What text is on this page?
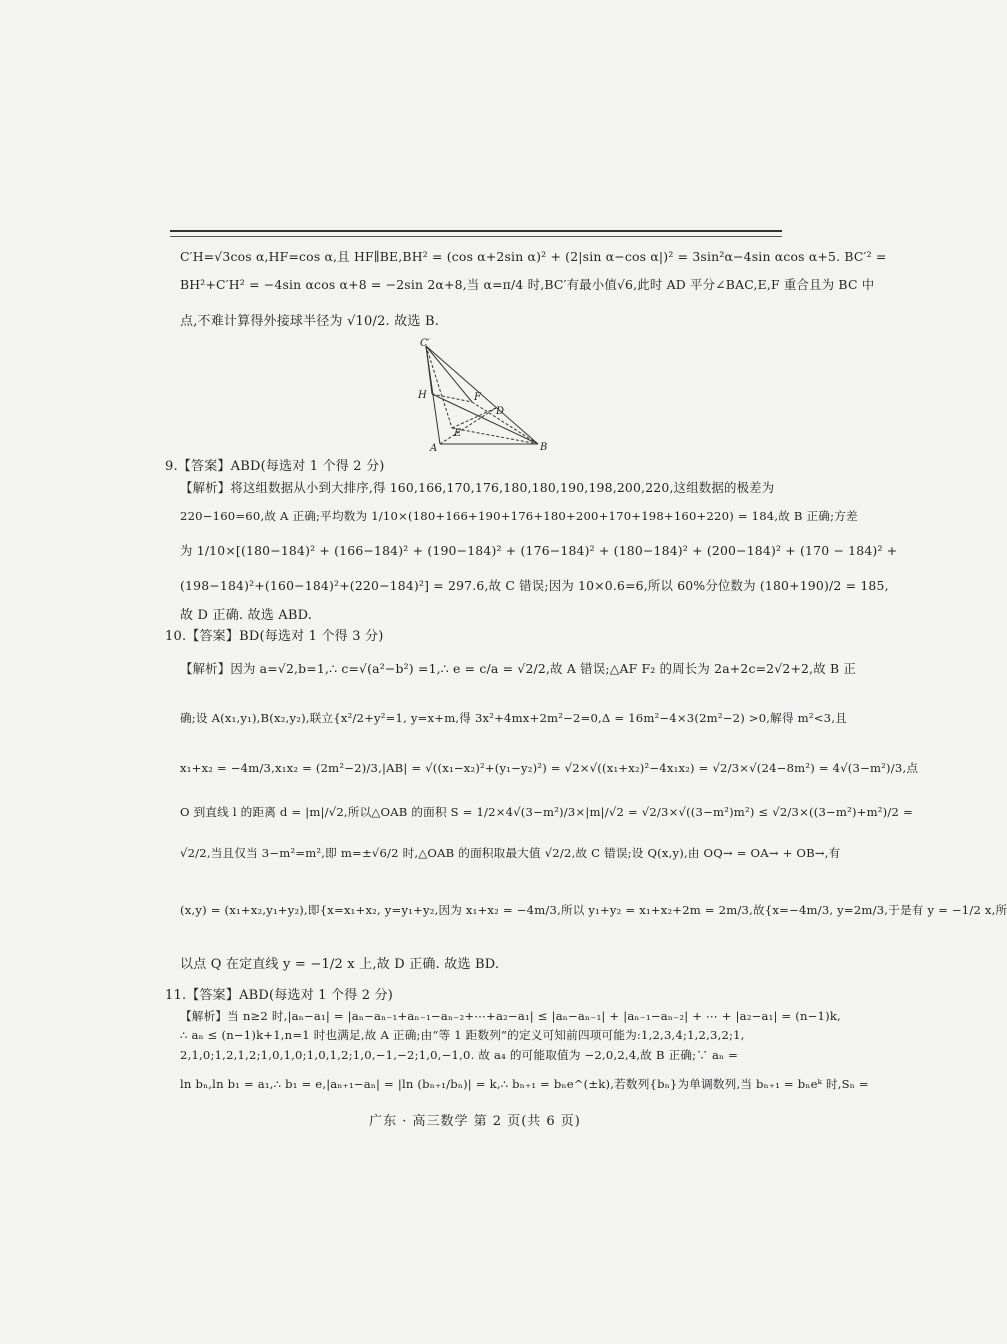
C′H=√3cos α,HF=cos α,且 HF∥BE,BH² = (cos α+2sin α)² + (2|sin α−cos α|)² = 3sin²α−4sin αcos α+5. BC′² =
BH²+C′H² = −4sin αcos α+8 = −2sin 2α+8,当 α=π/4 时,BC′有最小值√6,此时 AD 平分∠BAC,E,F 重合且为 BC 中
点,不难计算得外接球半径为 √10/2. 故选 B.
C′
H	F
D
E
A	B
9.【答案】ABD(每选对 1 个得 2 分)
【解析】将这组数据从小到大排序,得 160,166,170,176,180,180,190,198,200,220,这组数据的极差为
220−160=60,故 A 正确;平均数为 1/10×(180+166+190+176+180+200+170+198+160+220) = 184,故 B 正确;方差
为 1/10×[(180−184)² + (166−184)² + (190−184)² + (176−184)² + (180−184)² + (200−184)² + (170 − 184)² +
(198−184)²+(160−184)²+(220−184)²] = 297.6,故 C 错误;因为 10×0.6=6,所以 60%分位数为 (180+190)/2 = 185,
故 D 正确. 故选 ABD.
10.【答案】BD(每选对 1 个得 3 分)
【解析】因为 a=√2,b=1,∴ c=√(a²−b²) =1,∴ e = c/a = √2/2,故 A 错误;△AF F₂ 的周长为 2a+2c=2√2+2,故 B 正
确;设 A(x₁,y₁),B(x₂,y₂),联立{x²/2+y²=1, y=x+m,得 3x²+4mx+2m²−2=0,Δ = 16m²−4×3(2m²−2) >0,解得 m²<3,且
x₁+x₂ = −4m/3,x₁x₂ = (2m²−2)/3,|AB| = √((x₁−x₂)²+(y₁−y₂)²) = √2×√((x₁+x₂)²−4x₁x₂) = √2/3×√(24−8m²) = 4√(3−m²)/3,点
O 到直线 l 的距离 d = |m|/√2,所以△OAB 的面积 S = 1/2×4√(3−m²)/3×|m|/√2 = √2/3×√((3−m²)m²) ≤ √2/3×((3−m²)+m²)/2 =
√2/2,当且仅当 3−m²=m²,即 m=±√6/2 时,△OAB 的面积取最大值 √2/2,故 C 错误;设 Q(x,y),由 OQ→ = OA→ + OB→,有
(x,y) = (x₁+x₂,y₁+y₂),即{x=x₁+x₂, y=y₁+y₂,因为 x₁+x₂ = −4m/3,所以 y₁+y₂ = x₁+x₂+2m = 2m/3,故{x=−4m/3, y=2m/3,于是有 y = −1/2 x,所
以点 Q 在定直线 y = −1/2 x 上,故 D 正确. 故选 BD.
11.【答案】ABD(每选对 1 个得 2 分)
【解析】当 n≥2 时,|aₙ−a₁| = |aₙ−aₙ₋₁+aₙ₋₁−aₙ₋₂+⋯+a₂−a₁| ≤ |aₙ−aₙ₋₁| + |aₙ₋₁−aₙ₋₂| + ⋯ + |a₂−a₁| = (n−1)k,
∴ aₙ ≤ (n−1)k+1,n=1 时也满足,故 A 正确;由“等 1 距数列”的定义可知前四项可能为:1,2,3,4;1,2,3,2;1,
2,1,0;1,2,1,2;1,0,1,0;1,0,1,2;1,0,−1,−2;1,0,−1,0. 故 a₄ 的可能取值为 −2,0,2,4,故 B 正确;∵ aₙ =
ln bₙ,ln b₁ = a₁,∴ b₁ = e,|aₙ₊₁−aₙ| = |ln (bₙ₊₁/bₙ)| = k,∴ bₙ₊₁ = bₙe^(±k),若数列{bₙ}为单调数列,当 bₙ₊₁ = bₙeᵏ 时,Sₙ =
广东 · 高三数学 第 2 页(共 6 页)
